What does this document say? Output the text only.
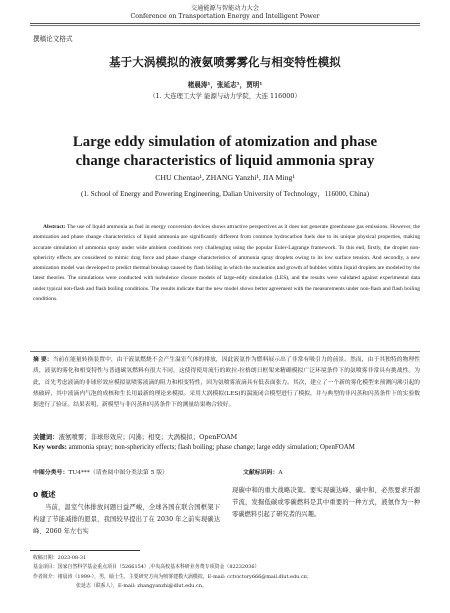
交通能源与智能动力大会
Conference on Transportation Energy and Intelligent Power
撰稿论文格式
基于大涡模拟的液氨喷雾雾化与相变特性模拟
楮晨涛¹，张延志¹，贾明¹
（1. 大连理工大学 能源与动力学院，大连 116000）
Large eddy simulation of atomization and phase
change characteristics of liquid ammonia spray
CHU Chentao¹, ZHANG Yanzhi¹, JIA Ming¹
(1. School of Energy and Powering Engineering, Dalian University of Technology，116000, China)
Abstract: The use of liquid ammonia as fuel in energy conversion devices shows attractive perspectives as it does not generate greenhouse gas emissions. However, the atomization and phase change characteristics of liquid ammonia are significantly different from common hydrocarbon fuels due to its unique physical properties, making accurate simulation of ammonia spray under wide ambient conditions very challenging using the popular Euler-Lagrange framework. To this end, firstly, the droplet non-sphericity effects are considered to mimic drag force and phase change characteristics of ammonia spray droplets owing to its low surface tension. And secondly, a new atomization model was developed to predict thermal breakup caused by flash boiling in which the nucleation and growth of bubbles within liquid droplets are modeled by the latest theories. The simulations were conducted with turbulence closure models of large-eddy simulation (LES), and the results were validated against experimental data under typical non-flash and flash boiling conditions. The results indicate that the new model shows better agreement with the measurements under non-flash and flash boiling conditions.
摘 要：当前在能量转换装置中，由于液氨燃烧不会产生温室气体的排放，因此液氨作为燃料展示出了非常有吸引力的前景。然而，由于其独特的物理性质，液氨的雾化和相变特性与普通碳氢燃料有很大不同，这使得使用流行的欧拉-拉格朗日框架来精确模拟广泛环境条件下的氨喷雾非常具有挑战性。为此，首先考虑液滴的非球形效应模拟氨喷雾液滴的阻力和相变特性，因为氨喷雾液滴具有低表面张力。其次，建立了一个新的雾化模型来预测闪沸引起的热破碎，其中液滴内气泡的成核和生长用最新的理论来模拟。采用大涡模拟(LES)的湍流闭合模型进行了模拟，并与典型的非闪蒸和闪蒸条件下的实验数据进行了验证。结果表明，新模型与非闪蒸和闪蒸条件下的测量结果吻合较好。
关键词：液氨喷雾；非球形效应；闪沸；相变；大涡模拟；OpenFOAM
Key words: ammonia spray; non-sphericity effects; flash boiling; phase change; large eddy simulation; OpenFOAM
中图分类号：TU4***（请查阅中图分类法第 5 版）	文献标识码：A
0 概述
当前，温室气体排放问题日益严峻，全球各国在联合国框架下构建了节能减排的愿景，我国较早提出了在 2030 年之前实现碳达峰、2060 年左右实
现碳中和的重大战略决策。要实现碳达峰、碳中和，必然要求开源节流，发掘低碳或零碳燃料是其中重要的一种方式，液氨作为一种零碳燃料引起了研究者的兴趣。
收稿日期：2023-08-31
基金项目：国家自然科学基金重点项目（5266154）,中央高校基本科研业务费专项资金（82232036）
作者简介：褚晨涛（1999-），男，硕士生，主要研究方向为喷雾建模大涡模拟，E-mail: cctvictory666@mail.dlut.edu.cn；
张延志（联系人），E-mail: zhangyanzhi@dlut.edu.cn。
